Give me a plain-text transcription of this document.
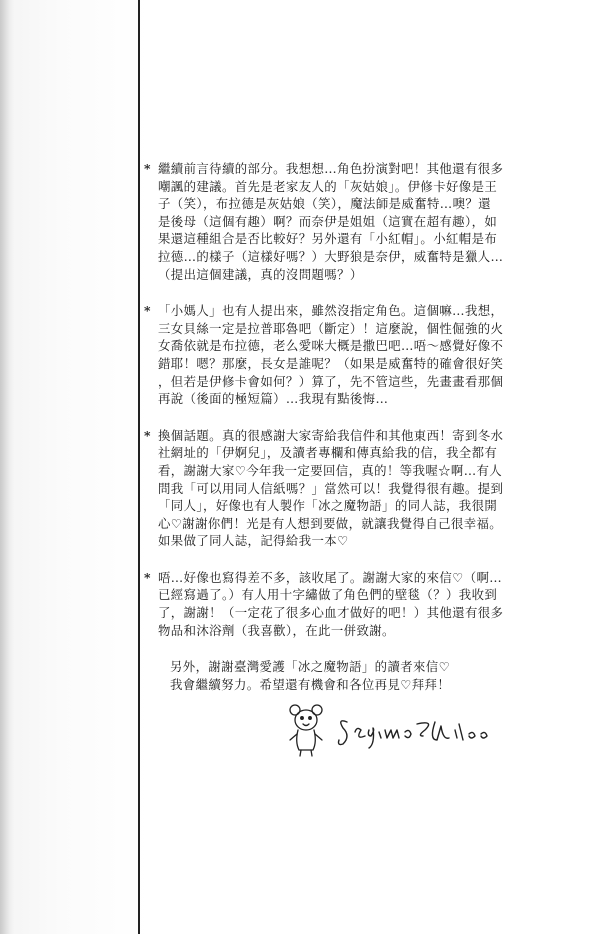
* 繼續前言待續的部分。我想想…角色扮演對吧！其他還有很多
嘲諷的建議。首先是老家友人的「灰姑娘」。伊修卡好像是王
子（笑），布拉德是灰姑娘（笑），魔法師是威奮特…噢？還
是後母（這個有趣）啊？而奈伊是姐姐（這實在超有趣），如
果還這種組合是否比較好？另外還有「小紅帽」。小紅帽是布
拉德…的樣子（這樣好嗎？）大野狼是奈伊，威奮特是獵人…
（提出這個建議，真的沒問題嗎？）
* 「小媽人」也有人提出來，雖然沒指定角色。這個嘛…我想，
三女貝絲一定是拉普耶魯吧（斷定）！這麼說，個性倔強的火
女喬依就是布拉德，老么愛咪大概是撒巴吧…唔～感覺好像不
錯耶！嗯？那麼，長女是誰呢？（如果是威奮特的確會很好笑
，但若是伊修卡會如何？）算了，先不管這些，先畫畫看那個
再說（後面的極短篇）…我現有點後悔…
* 換個話題。真的很感謝大家寄給我信件和其他東西！寄到冬水
社網址的「伊婀兒」，及讀者專欄和傳真給我的信，我全都有
看，謝謝大家♡今年我一定要回信，真的！等我喔☆啊…有人
問我「可以用同人信紙嗎？」當然可以！我覺得很有趣。提到
「同人」，好像也有人製作「冰之魔物語」的同人誌，我很開
心♡謝謝你們！光是有人想到要做，就讓我覺得自己很幸福。
如果做了同人誌，記得給我一本♡
* 唔…好像也寫得差不多，該收尾了。謝謝大家的來信♡（啊…
已經寫過了。）有人用十字繡做了角色們的壁毯（？）我收到
了，謝謝！（一定花了很多心血才做好的吧！）其他還有很多
物品和沐浴劑（我喜歡），在此一併致謝。
另外，謝謝臺灣愛護「冰之魔物語」的讀者來信♡
我會繼續努力。希望還有機會和各位再見♡拜拜！
